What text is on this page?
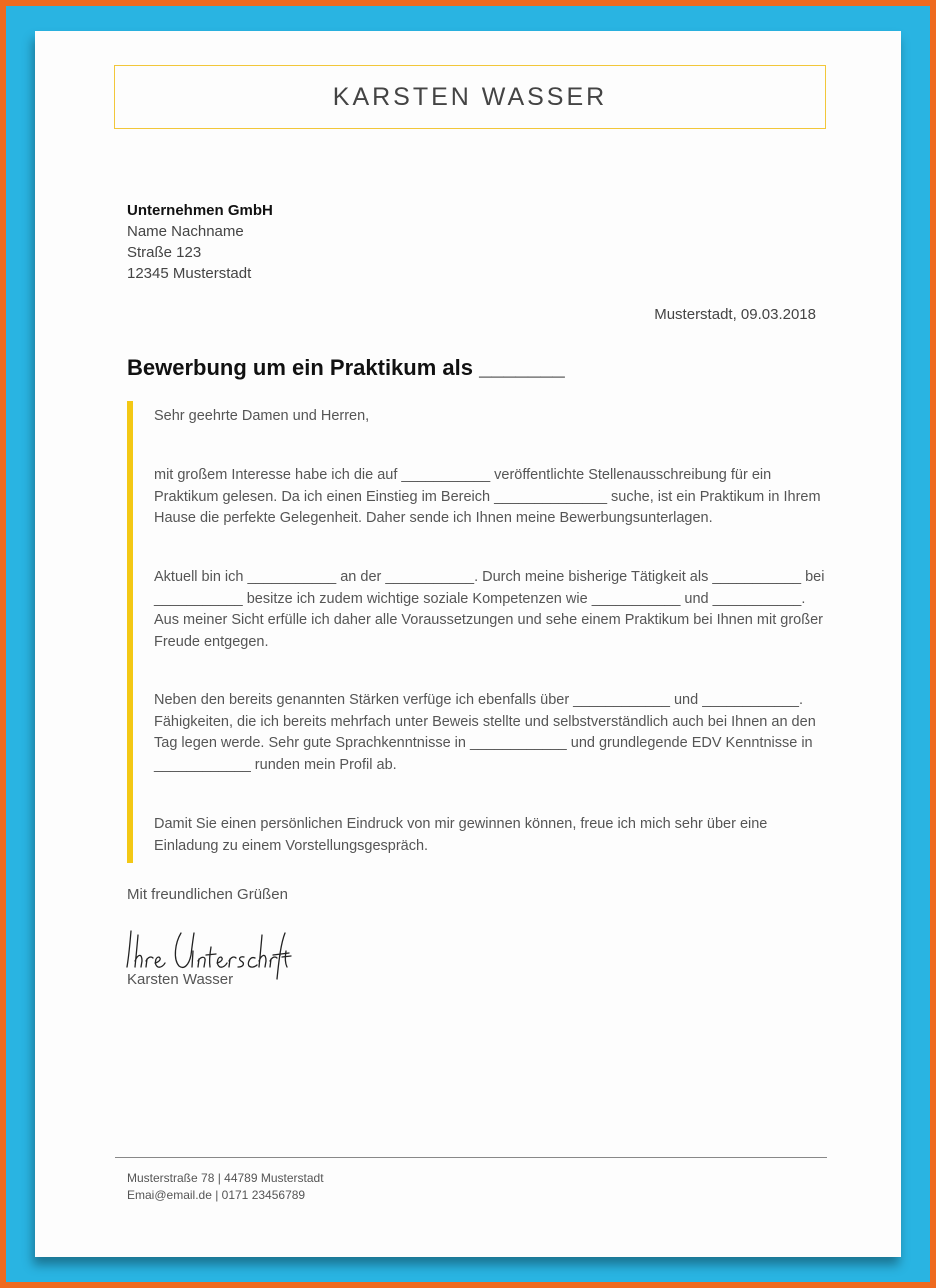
KARSTEN WASSER
Unternehmen GmbH
Name Nachname
Straße 123
12345 Musterstadt
Musterstadt, 09.03.2018
Bewerbung um ein Praktikum als _______

Sehr geehrte Damen und Herren,

mit großem Interesse habe ich die auf ___________ veröffentlichte Stellenausschreibung für ein Praktikum gelesen. Da ich einen Einstieg im Bereich ______________ suche, ist ein Praktikum in Ihrem Hause die perfekte Gelegenheit. Daher sende ich Ihnen meine Bewerbungsunterlagen.

Aktuell bin ich ___________ an der ___________. Durch meine bisherige Tätigkeit als ___________ bei ___________ besitze ich zudem wichtige soziale Kompetenzen wie ___________ und ___________. Aus meiner Sicht erfülle ich daher alle Voraussetzungen und sehe einem Praktikum bei Ihnen mit großer Freude entgegen.

Neben den bereits genannten Stärken verfüge ich ebenfalls über ____________ und ____________. Fähigkeiten, die ich bereits mehrfach unter Beweis stellte und selbstverständlich auch bei Ihnen an den Tag legen werde. Sehr gute Sprachkenntnisse in ____________ und grundlegende EDV Kenntnisse in ____________ runden mein Profil ab.

Damit Sie einen persönlichen Eindruck von mir gewinnen können, freue ich mich sehr über eine Einladung zu einem Vorstellungsgespräch.

Mit freundlichen Grüßen
Karsten Wasser
Musterstraße 78 | 44789 Musterstadt
Emai@email.de | 0171 23456789
